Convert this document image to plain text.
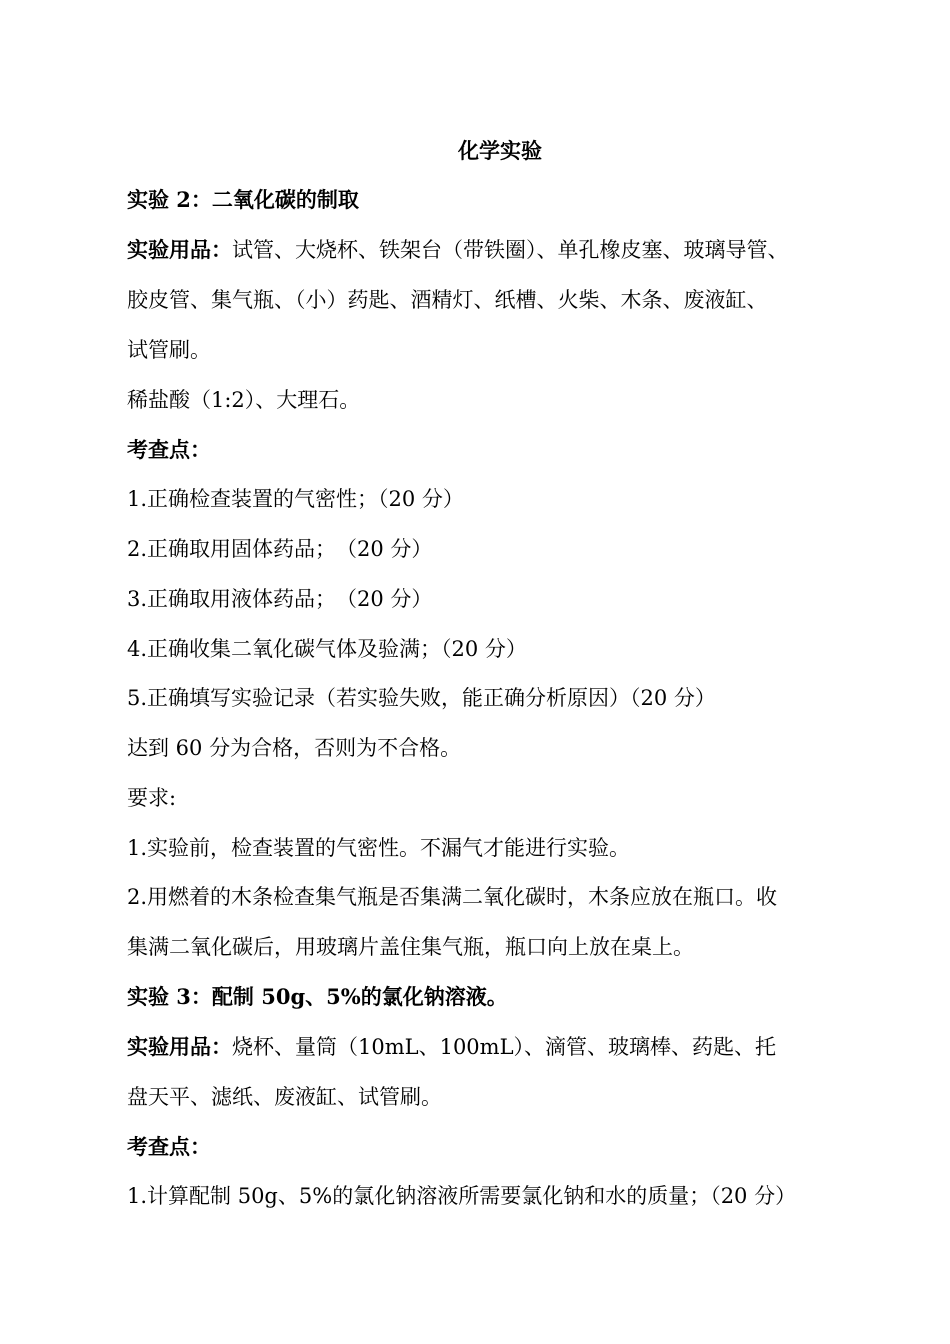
化学实验
实验 2：二氧化碳的制取
实验用品：试管、大烧杯、铁架台（带铁圈）、单孔橡皮塞、玻璃导管、
胶皮管、集气瓶、（小）药匙、酒精灯、纸槽、火柴、木条、废液缸、
试管刷。
稀盐酸（1:2）、大理石。
考查点：
1.正确检查装置的气密性；（20 分）
2.正确取用固体药品；　（20 分）
3.正确取用液体药品；　（20 分）
4.正确收集二氧化碳气体及验满；（20 分）
5.正确填写实验记录（若实验失败，能正确分析原因）（20 分）
达到 60 分为合格，否则为不合格。
要求:
1.实验前，检查装置的气密性。不漏气才能进行实验。
2.用燃着的木条检查集气瓶是否集满二氧化碳时，木条应放在瓶口。收
集满二氧化碳后，用玻璃片盖住集气瓶，瓶口向上放在桌上。
实验 3：配制 50g、5%的氯化钠溶液。
实验用品：烧杯、量筒（10mL、100mL）、滴管、玻璃棒、药匙、托
盘天平、滤纸、废液缸、试管刷。
考查点：
1.计算配制 50g、5%的氯化钠溶液所需要氯化钠和水的质量；（20 分）
